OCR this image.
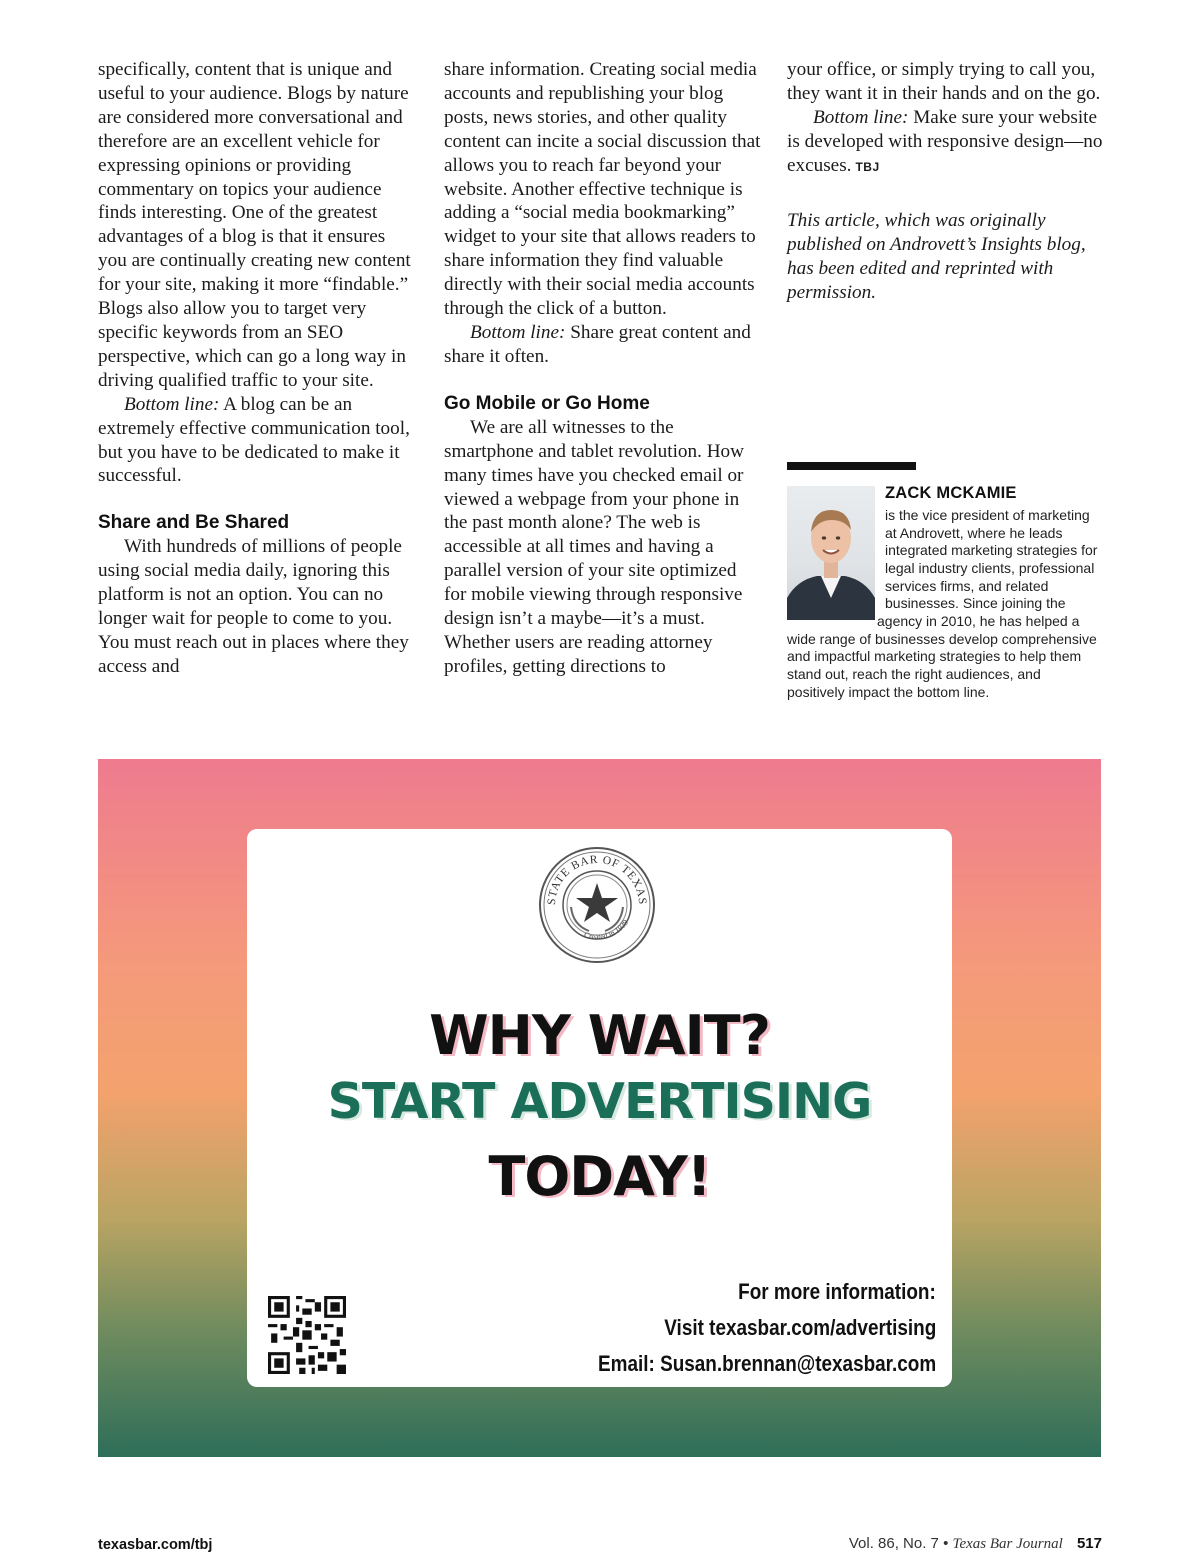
specifically, content that is unique and useful to your audience. Blogs by nature are considered more conversational and therefore are an excellent vehicle for expressing opinions or providing commentary on topics your audience finds interesting. One of the greatest advantages of a blog is that it ensures you are continually creating new content for your site, making it more “findable.” Blogs also allow you to target very specific keywords from an SEO perspective, which can go a long way in driving qualified traffic to your site.

Bottom line: A blog can be an extremely effective communication tool, but you have to be dedicated to make it successful.

Share and Be Shared

With hundreds of millions of people using social media daily, ignoring this platform is not an option. You can no longer wait for people to come to you. You must reach out in places where they access and

share information. Creating social media accounts and republishing your blog posts, news stories, and other quality content can incite a social discussion that allows you to reach far beyond your website. Another effective technique is adding a “social media bookmarking” widget to your site that allows readers to share information they find valuable directly with their social media accounts through the click of a button.

Bottom line: Share great content and share it often.

Go Mobile or Go Home

We are all witnesses to the smartphone and tablet revolution. How many times have you checked email or viewed a webpage from your phone in the past month alone? The web is accessible at all times and having a parallel version of your site optimized for mobile viewing through responsive design isn’t a maybe—it’s a must. Whether users are reading attorney profiles, getting directions to

your office, or simply trying to call you, they want it in their hands and on the go.

Bottom line: Make sure your website is developed with responsive design—no excuses. TBJ

This article, which was originally published on Androvett’s Insights blog, has been edited and reprinted with permission.

ZACK MCKAMIE
is the vice president of marketing
at Androvett, where he leads
integrated marketing strategies for
legal industry clients, professional
services firms, and related
businesses. Since joining the
agency in 2010, he has helped a
wide range of businesses develop comprehensive
and impactful marketing strategies to help them
stand out, reach the right audiences, and
positively impact the bottom line.
STATE BAR OF TEXAS
Created in 1939
WHY WAIT?
START ADVERTISING
TODAY!
For more information:
Visit texasbar.com/advertising
Email: Susan.brennan@texasbar.com
texasbar.com/tbj	Vol. 86, No. 7 • Texas Bar Journal 517
